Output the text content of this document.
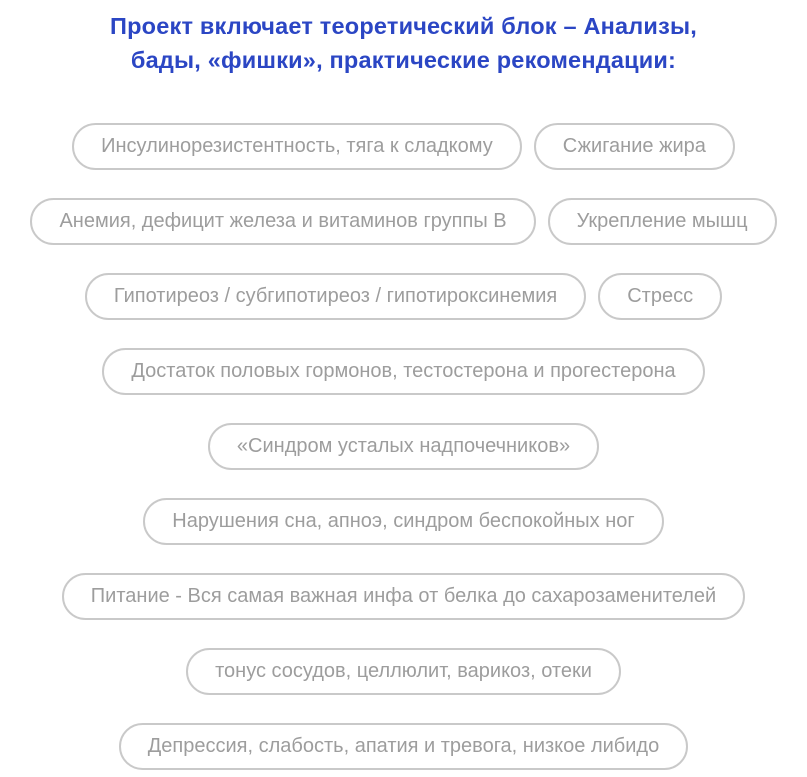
Проект включает теоретический блок – Анализы,
бады, «фишки», практические рекомендации:
Инсулинорезистентность, тяга к сладкому	Сжигание жира
Анемия, дефицит железа и витаминов группы В	Укрепление мышц
Гипотиреоз / субгипотиреоз / гипотироксинемия	Стресс
Достаток половых гормонов, тестостерона и прогестерона
«Синдром усталых надпочечников»
Нарушения сна, апноэ, синдром беспокойных ног
Питание - Вся самая важная инфа от белка до сахарозаменителей
тонус сосудов, целлюлит, варикоз, отеки
Депрессия, слабость, апатия и тревога, низкое либидо
